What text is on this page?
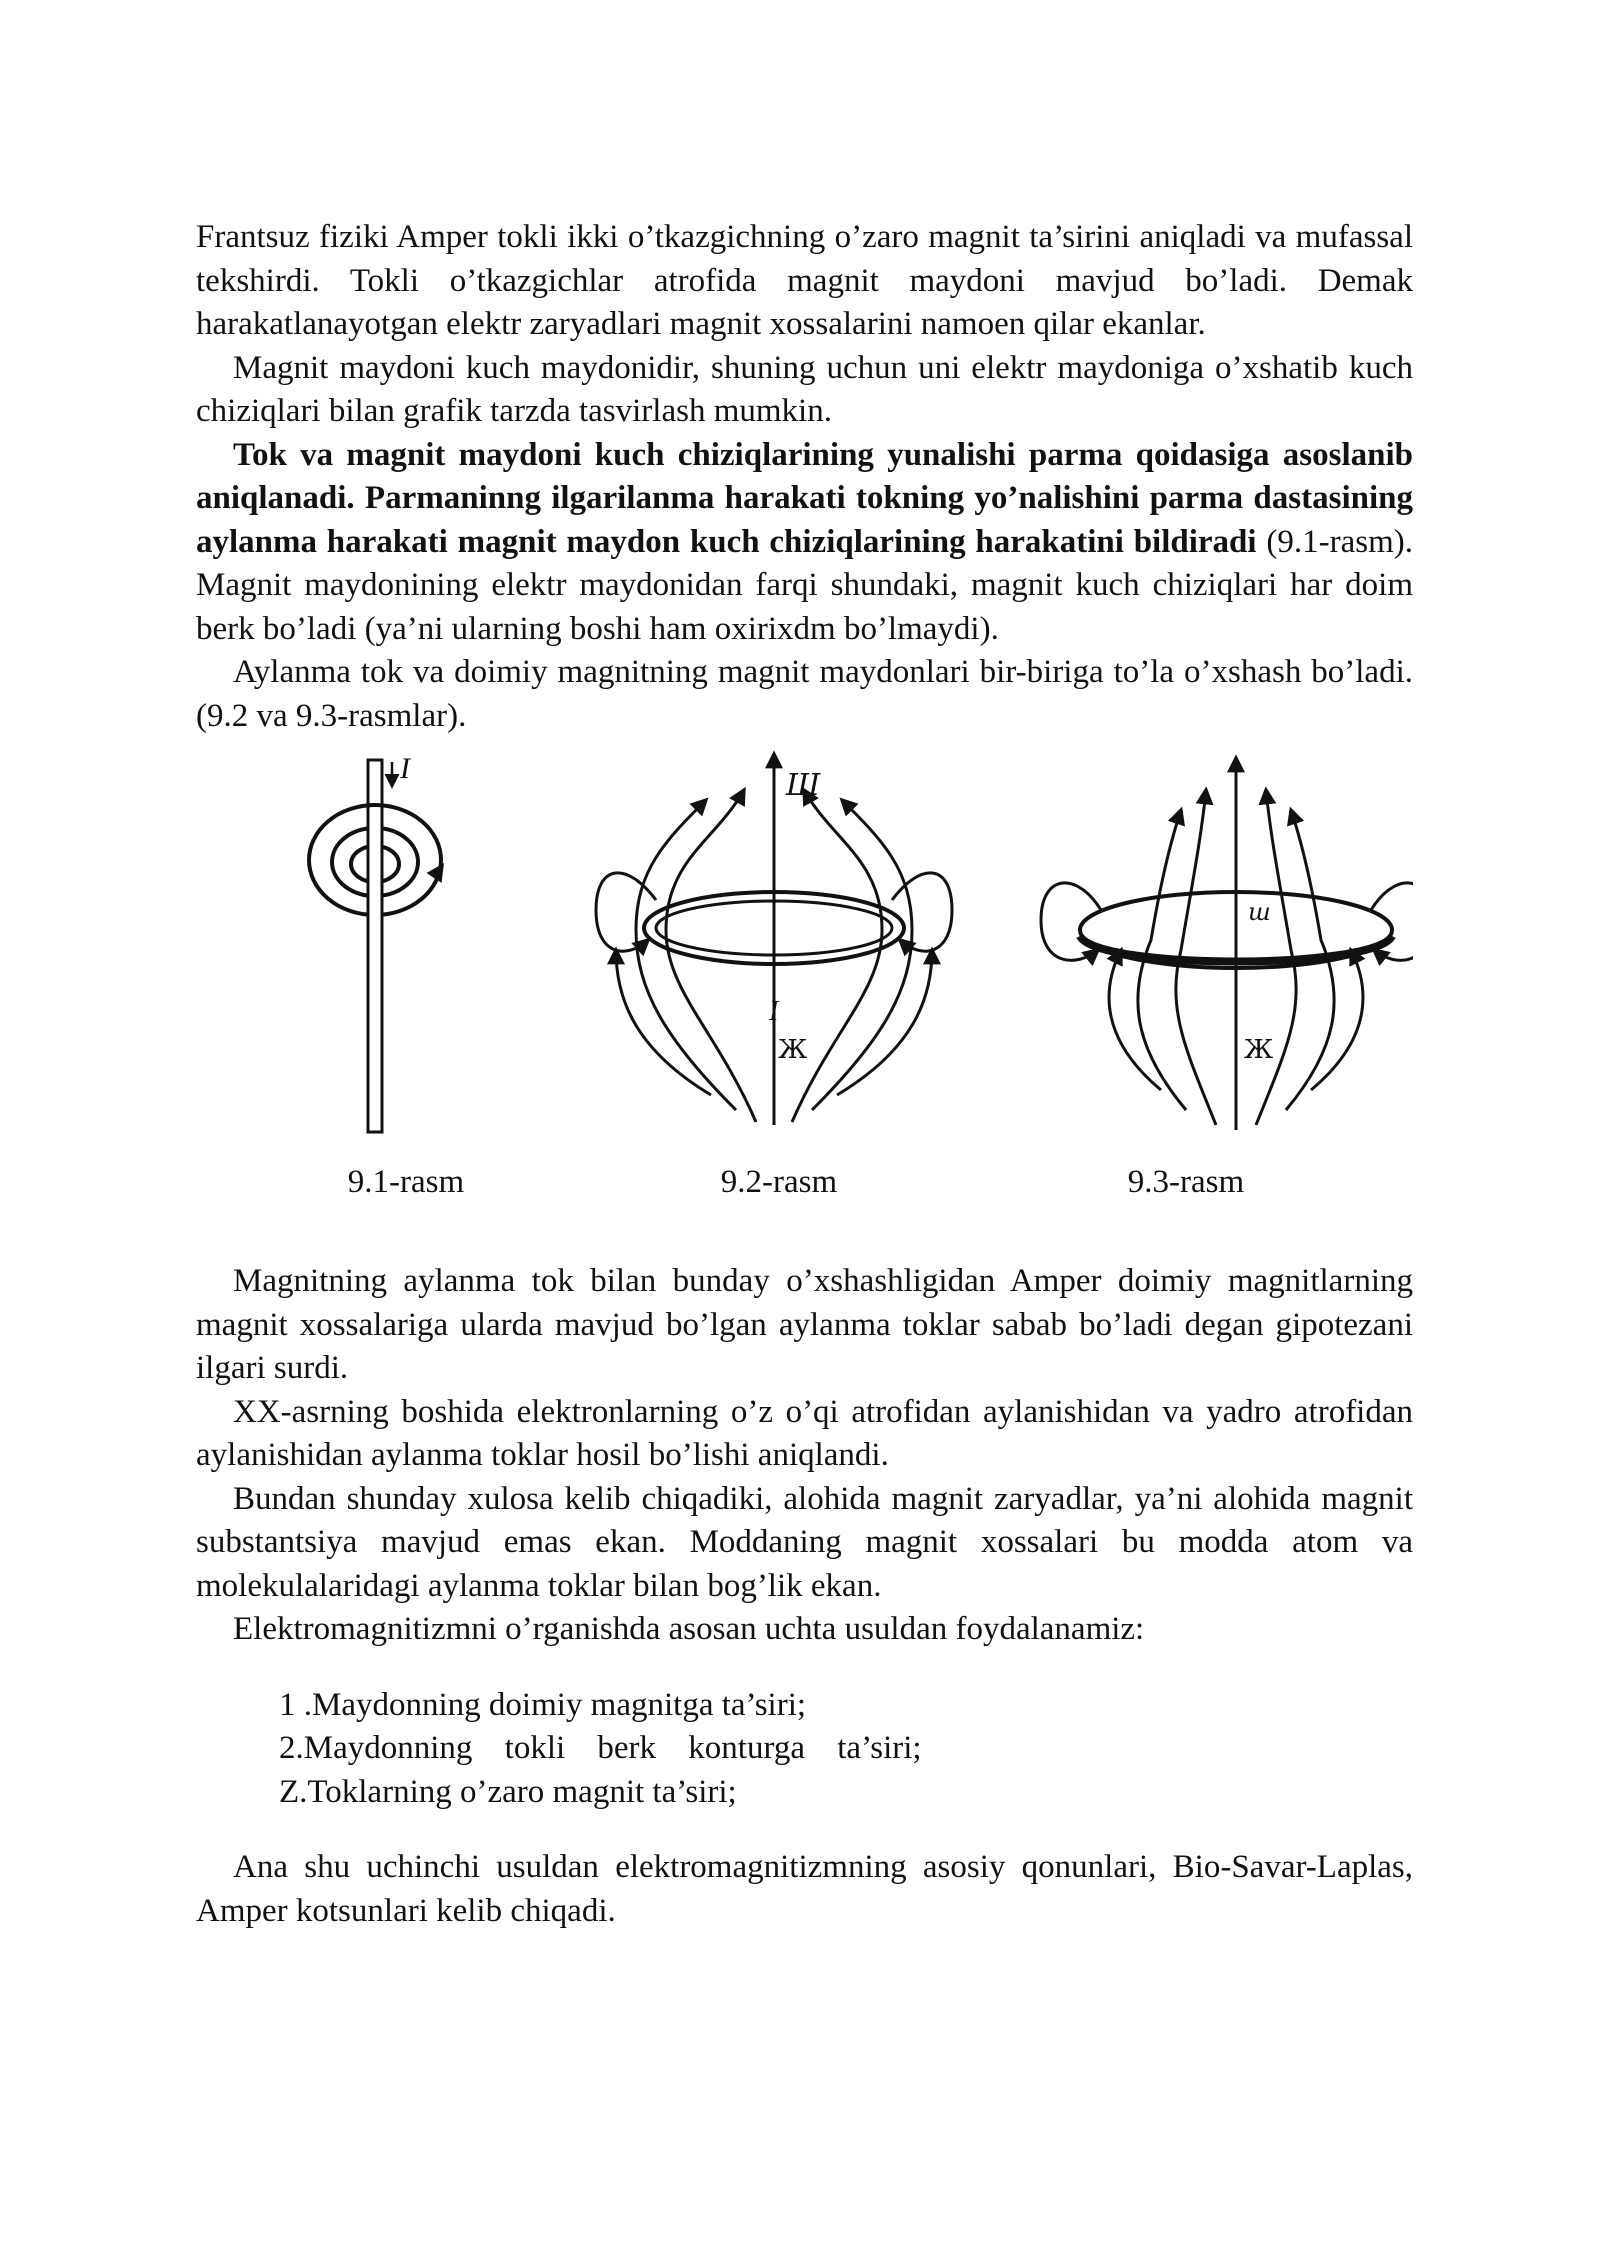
Frantsuz fiziki Amper tokli ikki o’tkazgichning o’zaro magnit ta’sirini aniqladi va mufassal tekshirdi. Tokli o’tkazgichlar atrofida magnit maydoni mavjud bo’ladi. Demak harakatlanayotgan elektr zaryadlari magnit xossalarini namoen qilar ekanlar.

Magnit maydoni kuch maydonidir, shuning uchun uni elektr maydoniga o’xshatib kuch chiziqlari bilan grafik tarzda tasvirlash mumkin.

Tok va magnit maydoni kuch chiziqlarining yunalishi parma qoidasiga asoslanib aniqlanadi. Parmaninng ilgarilanma harakati tokning yo’nalishini parma dastasining aylanma harakati magnit maydon kuch chiziqlarining harakatini bildiradi (9.1-rasm). Magnit maydonining elektr maydonidan farqi shundaki, magnit kuch chiziqlari har doim berk bo’ladi (ya’ni ularning boshi ham oxirixdm bo’lmaydi).

Aylanma tok va doimiy magnitning magnit maydonlari bir-biriga to’la o’xshash bo’ladi. (9.2 va 9.3-rasmlar).

I	Ш
I
Ж
ш
Ж
9.1-rasm	9.2-rasm	9.3-rasm

Magnitning aylanma tok bilan bunday o’xshashligidan Amper doimiy magnitlarning magnit xossalariga ularda mavjud bo’lgan aylanma toklar sabab bo’ladi degan gipotezani ilgari surdi.

XX-asrning boshida elektronlarning o’z o’qi atrofidan aylanishidan va yadro atrofidan aylanishidan aylanma toklar hosil bo’lishi aniqlandi.

Bundan shunday xulosa kelib chiqadiki, alohida magnit zaryadlar, ya’ni alohida magnit substantsiya mavjud emas ekan. Moddaning magnit xossalari bu modda atom va molekulalaridagi aylanma toklar bilan bog’lik ekan.

Elektromagnitizmni o’rganishda asosan uchta usuldan foydalanamiz:

1 .Maydonning doimiy magnitga ta’siri;

2.Maydonning tokli berk konturga ta’siri;

Z.Toklarning o’zaro magnit ta’siri;

Ana shu uchinchi usuldan elektromagnitizmning asosiy qonunlari, Bio-Savar-Laplas, Amper kotsunlari kelib chiqadi.
